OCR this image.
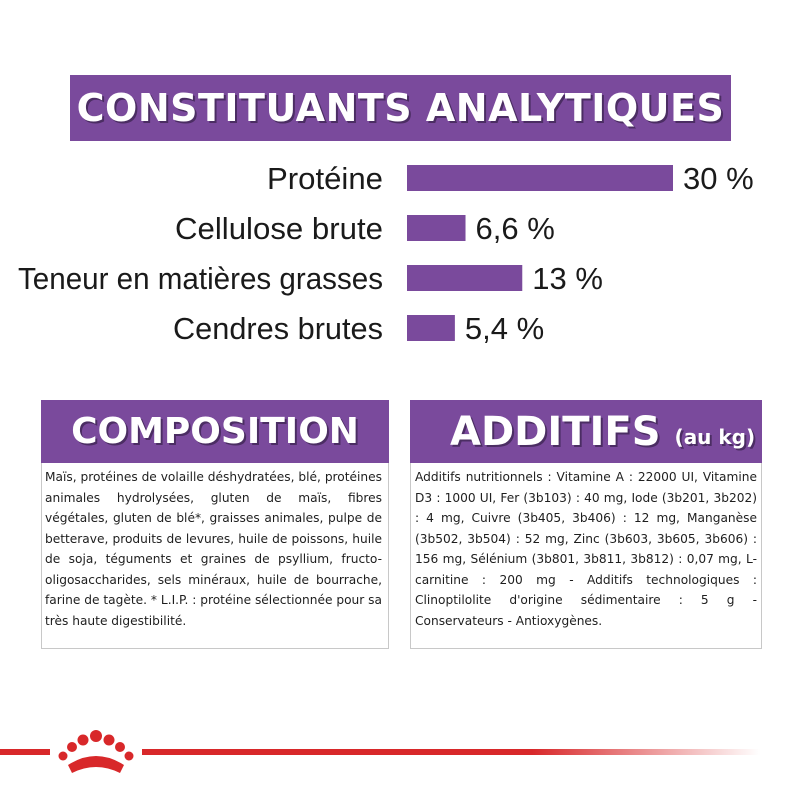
CONSTITUANTS ANALYTIQUES
Protéine	30 %
Cellulose brute	6,6 %
Teneur en matières grasses	13 %
Cendres brutes	5,4 %
COMPOSITION ADDITIFS (au kg)
Maïs, protéines de volaille déshydratées, blé, protéines animales hydrolysées, gluten de maïs, fibres végétales, gluten de blé*, graisses animales, pulpe de betterave, produits de levures, huile de poissons, huile de soja, téguments et graines de psyllium, fructo-oligosaccharides, sels minéraux, huile de bourrache, farine de tagète. * L.I.P. : protéine sélectionnée pour sa très haute digestibilité.
Additifs nutritionnels : Vitamine A : 22000 UI, Vitamine D3 : 1000 UI, Fer (3b103) : 40 mg, Iode (3b201, 3b202) : 4 mg, Cuivre (3b405, 3b406) : 12 mg, Manganèse (3b502, 3b504) : 52 mg, Zinc (3b603, 3b605, 3b606) : 156 mg, Sélénium (3b801, 3b811, 3b812) : 0,07 mg, L-carnitine : 200 mg - Additifs technologiques : Clinoptilolite d'origine sédimentaire : 5 g - Conservateurs - Antioxygènes.
